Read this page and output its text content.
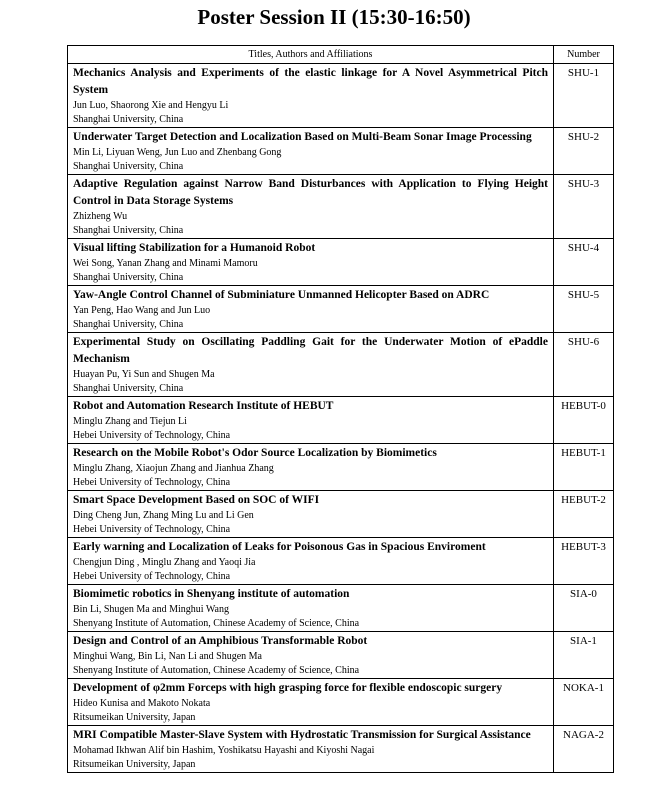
Poster Session II (15:30-16:50)
Titles, Authors and Affiliations	Number

Mechanics Analysis and Experiments of the elastic linkage for A Novel Asymmetrical Pitch System
Jun Luo, Shaorong Xie and Hengyu Li
Shanghai University, China	SHU-1

Underwater Target Detection and Localization Based on Multi-Beam Sonar Image Processing
Min Li, Liyuan Weng, Jun Luo and Zhenbang Gong
Shanghai University, China	SHU-2

Adaptive Regulation against Narrow Band Disturbances with Application to Flying Height Control in Data Storage Systems
Zhizheng Wu
Shanghai University, China	SHU-3

Visual lifting Stabilization for a Humanoid Robot
Wei Song, Yanan Zhang and Minami Mamoru
Shanghai University, China	SHU-4

Yaw-Angle Control Channel of Subminiature Unmanned Helicopter Based on ADRC
Yan Peng, Hao Wang and Jun Luo
Shanghai University, China	SHU-5

Experimental Study on Oscillating Paddling Gait for the Underwater Motion of ePaddle Mechanism
Huayan Pu, Yi Sun and Shugen Ma
Shanghai University, China	SHU-6

Robot and Automation Research Institute of HEBUT
Minglu Zhang and Tiejun Li
Hebei University of Technology, China	HEBUT-0

Research on the Mobile Robot's Odor Source Localization by Biomimetics
Minglu Zhang, Xiaojun Zhang and Jianhua Zhang
Hebei University of Technology, China	HEBUT-1

Smart Space Development Based on SOC of WIFI
Ding Cheng Jun, Zhang Ming Lu and Li Gen
Hebei University of Technology, China	HEBUT-2

Early warning and Localization of Leaks for Poisonous Gas in Spacious Enviroment
Chengjun Ding , Minglu Zhang and Yaoqi Jia
Hebei University of Technology, China	HEBUT-3

Biomimetic robotics in Shenyang institute of automation
Bin Li, Shugen Ma and Minghui Wang
Shenyang Institute of Automation, Chinese Academy of Science, China	SIA-0

Design and Control of an Amphibious Transformable Robot
Minghui Wang, Bin Li, Nan Li and Shugen Ma
Shenyang Institute of Automation, Chinese Academy of Science, China	SIA-1

Development of φ2mm Forceps with high grasping force for flexible endoscopic surgery
Hideo Kunisa and Makoto Nokata
Ritsumeikan University, Japan	NOKA-1

MRI Compatible Master-Slave System with Hydrostatic Transmission for Surgical Assistance
Mohamad Ikhwan Alif bin Hashim, Yoshikatsu Hayashi and Kiyoshi Nagai
Ritsumeikan University, Japan	NAGA-2
